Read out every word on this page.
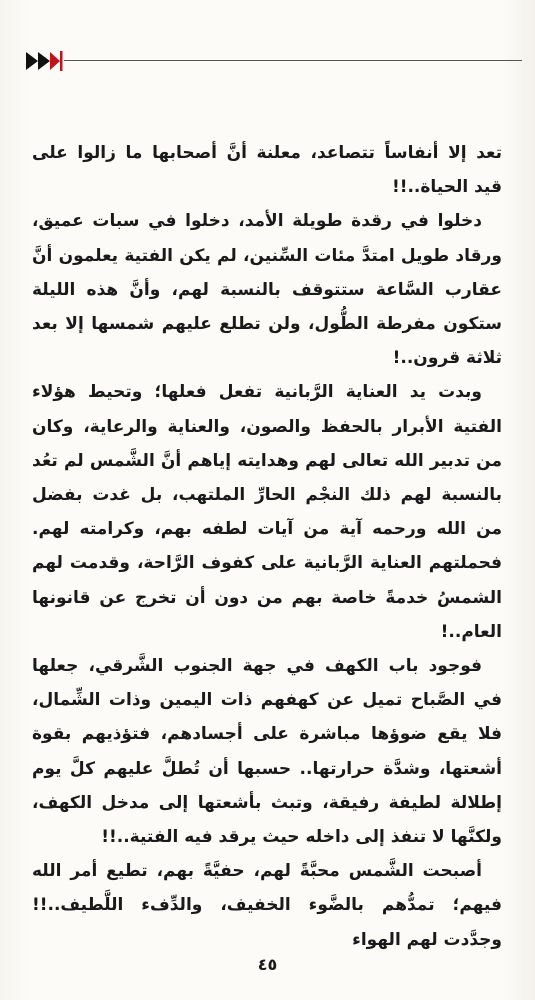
تعد إلا أنفاساً تتصاعد، معلنة أنَّ أصحابها ما زالوا على قيد الحياة..!!

دخلوا في رقدة طويلة الأمد، دخلوا في سبات عميق، ورقاد طويل امتدَّ مئات السِّنين، لم يكن الفتية يعلمون أنَّ عقارب السَّاعة ستتوقف بالنسبة لهم، وأنَّ هذه الليلة ستكون مفرطة الطُّول، ولن تطلع عليهم شمسها إلا بعد ثلاثة قرون..!

وبدت يد العناية الرَّبانية تفعل فعلها؛ وتحيط هؤلاء الفتية الأبرار بالحفظ والصون، والعناية والرعاية، وكان من تدبير الله تعالى لهم وهدايته إياهم أنَّ الشَّمس لم تعُد بالنسبة لهم ذلك النجْم الحارِّ الملتهب، بل غدت بفضل من الله ورحمه آية من آيات لطفه بهم، وكرامته لهم. فحملتهم العناية الرَّبانية على كفوف الرَّاحة، وقدمت لهم الشمسُ خدمةً خاصة بهم من دون أن تخرج عن قانونها العام..!

فوجود باب الكهف في جهة الجنوب الشَّرقي، جعلها في الصَّباح تميل عن كهفهم ذات اليمين وذات الشِّمال، فلا يقع ضوؤها مباشرة على أجسادهم، فتؤذيهم بقوة أشعتها، وشدَّة حرارتها.. حسبها أن تُطلَّ عليهم كلَّ يوم إطلالة لطيفة رفيقة، وتبث بأشعتها إلى مدخل الكهف، ولكنَّها لا تنفذ إلى داخله حيث يرقد فيه الفتية..!!

أصبحت الشَّمس محبَّةً لهم، حفيَّةً بهم، تطيع أمر الله فيهم؛ تمدُّهم بالضَّوء الخفيف، والدِّفء اللَّطيف..!! وجدَّدت لهم الهواء

٤٥
